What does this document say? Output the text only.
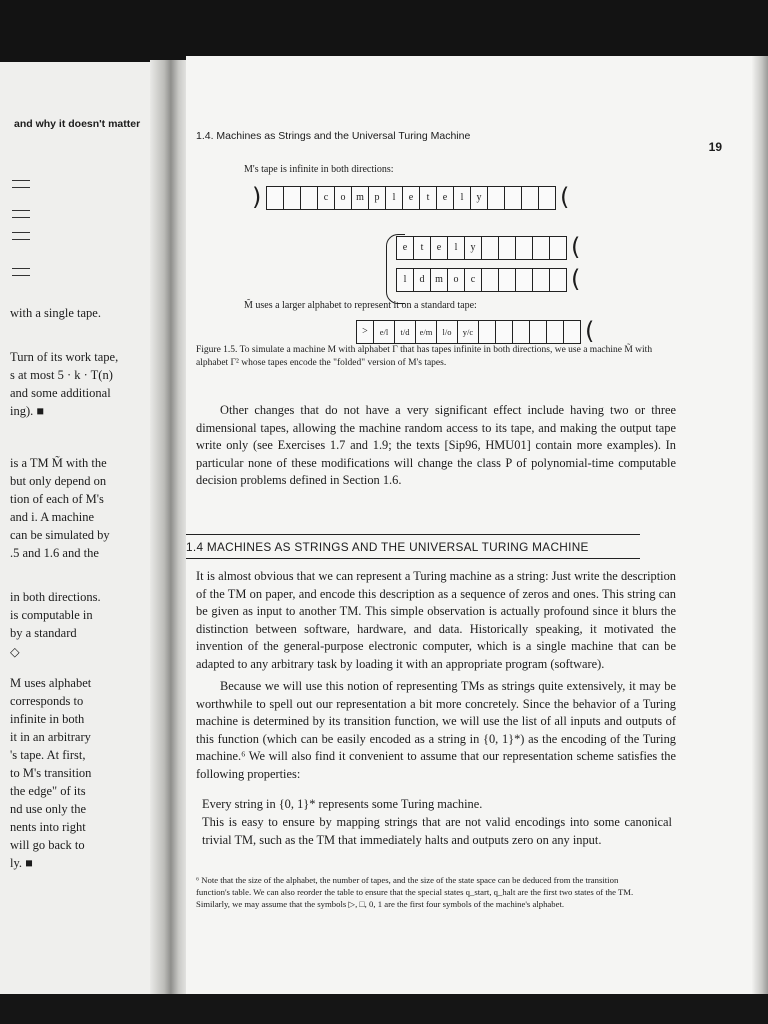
and why it doesn't matter
with a single tape.
Turn of its work tape,
s at most 5 · k · T(n)
and some additional
ing). ■
is a TM M̃ with the
but only depend on
tion of each of M's
and i. A machine
can be simulated by
.5 and 1.6 and the
in both directions.
is computable in
by a standard
◇
M uses alphabet
corresponds to
infinite in both
it in an arbitrary
's tape. At first,
to M's transition
the edge" of its
nd use only the
nents into right
will go back to
ly. ■
1.4. Machines as Strings and the Universal Turing Machine
19
M's tape is infinite in both directions:
)	c	o	m	p	l	e	t	e	l	y	(
e	t	e	l	y	(
l	d	m	o	c	(
M̃ uses a larger alphabet to represent it on a standard tape:
>	e/l	t/d	e/m	l/o	y/c	(
Figure 1.5. To simulate a machine M with alphabet Γ that has tapes infinite in both directions, we use a machine M̃ with alphabet Γ² whose tapes encode the "folded" version of M's tapes.
Other changes that do not have a very significant effect include having two or three dimensional tapes, allowing the machine random access to its tape, and making the output tape write only (see Exercises 1.7 and 1.9; the texts [Sip96, HMU01] contain more examples). In particular none of these modifications will change the class P of polynomial-time computable decision problems defined in Section 1.6.
1.4 MACHINES AS STRINGS AND THE UNIVERSAL TURING MACHINE
It is almost obvious that we can represent a Turing machine as a string: Just write the description of the TM on paper, and encode this description as a sequence of zeros and ones. This string can be given as input to another TM. This simple observation is actually profound since it blurs the distinction between software, hardware, and data. Historically speaking, it motivated the invention of the general-purpose electronic computer, which is a single machine that can be adapted to any arbitrary task by loading it with an appropriate program (software).
Because we will use this notion of representing TMs as strings quite extensively, it may be worthwhile to spell out our representation a bit more concretely. Since the behavior of a Turing machine is determined by its transition function, we will use the list of all inputs and outputs of this function (which can be easily encoded as a string in {0, 1}*) as the encoding of the Turing machine.⁶ We will also find it convenient to assume that our representation scheme satisfies the following properties:
Every string in {0, 1}* represents some Turing machine.
This is easy to ensure by mapping strings that are not valid encodings into some canonical trivial TM, such as the TM that immediately halts and outputs zero on any input.
⁶ Note that the size of the alphabet, the number of tapes, and the size of the state space can be deduced from the transition function's table. We can also reorder the table to ensure that the special states q_start, q_halt are the first two states of the TM. Similarly, we may assume that the symbols ▷, □, 0, 1 are the first four symbols of the machine's alphabet.
